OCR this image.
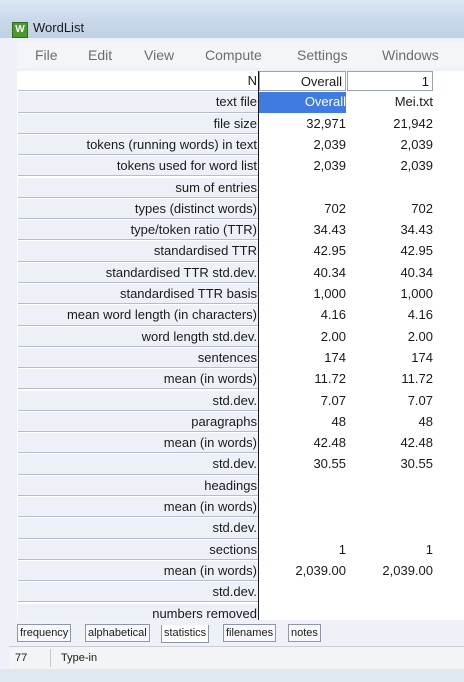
W WordList
File Edit View Compute	Settings Windows
N	Overall	1
text file	Overall	Mei.txt
file size	32,971	21,942
tokens (running words) in text	2,039	2,039
tokens used for word list	2,039	2,039
sum of entries
types (distinct words)	702	702
type/token ratio (TTR)	34.43	34.43
standardised TTR	42.95	42.95
standardised TTR std.dev.	40.34	40.34
standardised TTR basis	1,000	1,000
mean word length (in characters)	4.16	4.16
word length std.dev.	2.00	2.00
sentences	174	174
mean (in words)	11.72	11.72
std.dev.	7.07	7.07
paragraphs	48	48
mean (in words)	42.48	42.48
std.dev.	30.55	30.55
headings
mean (in words)
std.dev.
sections	1	1
mean (in words)	2,039.00	2,039.00
std.dev.
numbers removed
frequency alphabetical statistics filenames notes
77	Type-in
